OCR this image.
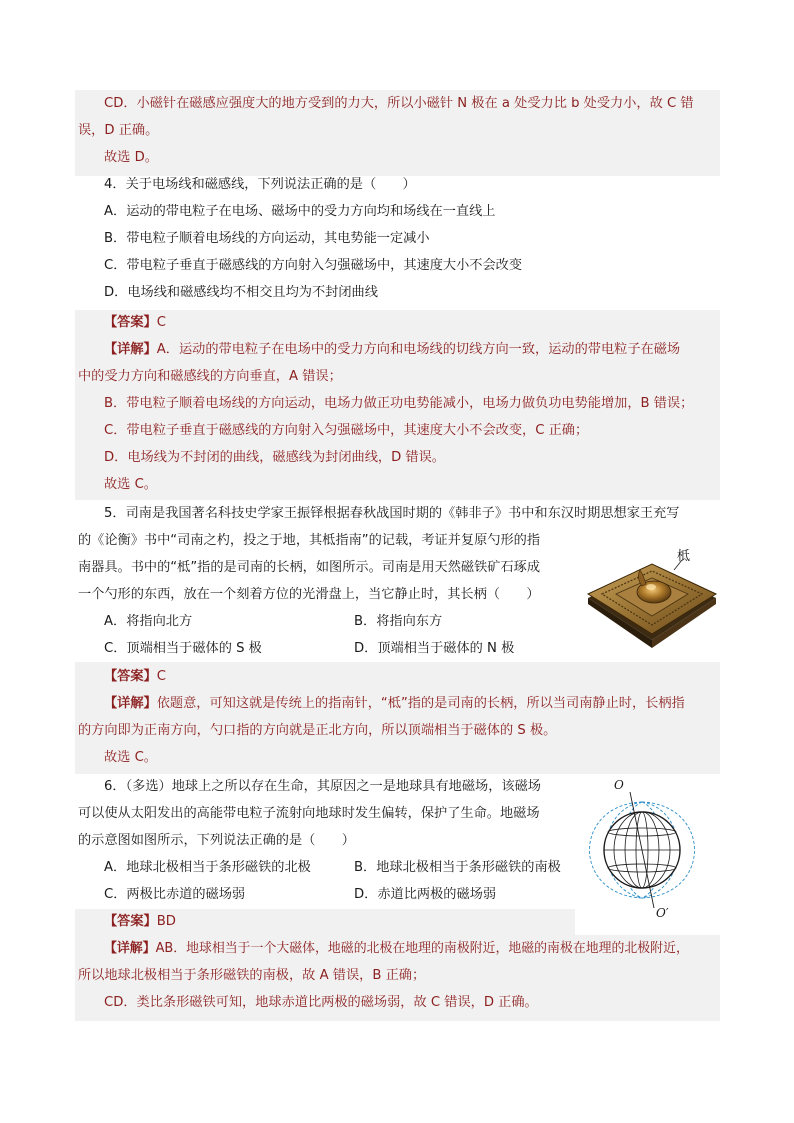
CD．小磁针在磁感应强度大的地方受到的力大，所以小磁针 N 极在 a 处受力比 b 处受力小，故 C 错
误，D 正确。
故选 D。
4．关于电场线和磁感线，下列说法正确的是（　　）
A．运动的带电粒子在电场、磁场中的受力方向均和场线在一直线上
B．带电粒子顺着电场线的方向运动，其电势能一定减小
C．带电粒子垂直于磁感线的方向射入匀强磁场中，其速度大小不会改变
D．电场线和磁感线均不相交且均为不封闭曲线
【答案】C
【详解】A．运动的带电粒子在电场中的受力方向和电场线的切线方向一致，运动的带电粒子在磁场
中的受力方向和磁感线的方向垂直，A 错误；
B．带电粒子顺着电场线的方向运动，电场力做正功电势能减小，电场力做负功电势能增加，B 错误；
C．带电粒子垂直于磁感线的方向射入匀强磁场中，其速度大小不会改变，C 正确；
D．电场线为不封闭的曲线，磁感线为封闭曲线，D 错误。
故选 C。
5．司南是我国著名科技史学家王振铎根据春秋战国时期的《韩非子》书中和东汉时期思想家王充写
的《论衡》书中“司南之杓，投之于地，其柢指南”的记载，考证并复原勺形的指
南器具。书中的“柢”指的是司南的长柄，如图所示。司南是用天然磁铁矿石琢成
一个勺形的东西，放在一个刻着方位的光滑盘上，当它静止时，其长柄（　　）
A．将指向北方	B．将指向东方
C．顶端相当于磁体的 S 极	D．顶端相当于磁体的 N 极
柢
【答案】C
【详解】依题意，可知这就是传统上的指南针，“柢”指的是司南的长柄，所以当司南静止时，长柄指
的方向即为正南方向，勺口指的方向就是正北方向，所以顶端相当于磁体的 S 极。
故选 C。
6．（多选）地球上之所以存在生命，其原因之一是地球具有地磁场，该磁场
可以使从太阳发出的高能带电粒子流射向地球时发生偏转，保护了生命。地磁场
的示意图如图所示，下列说法正确的是（　　）
A．地球北极相当于条形磁铁的北极	B．地球北极相当于条形磁铁的南极
C．两极比赤道的磁场弱	D．赤道比两极的磁场弱
O
O′
【答案】BD
【详解】AB．地球相当于一个大磁体，地磁的北极在地理的南极附近，地磁的南极在地理的北极附近，
所以地球北极相当于条形磁铁的南极，故 A 错误，B 正确；
CD．类比条形磁铁可知，地球赤道比两极的磁场弱，故 C 错误，D 正确。
